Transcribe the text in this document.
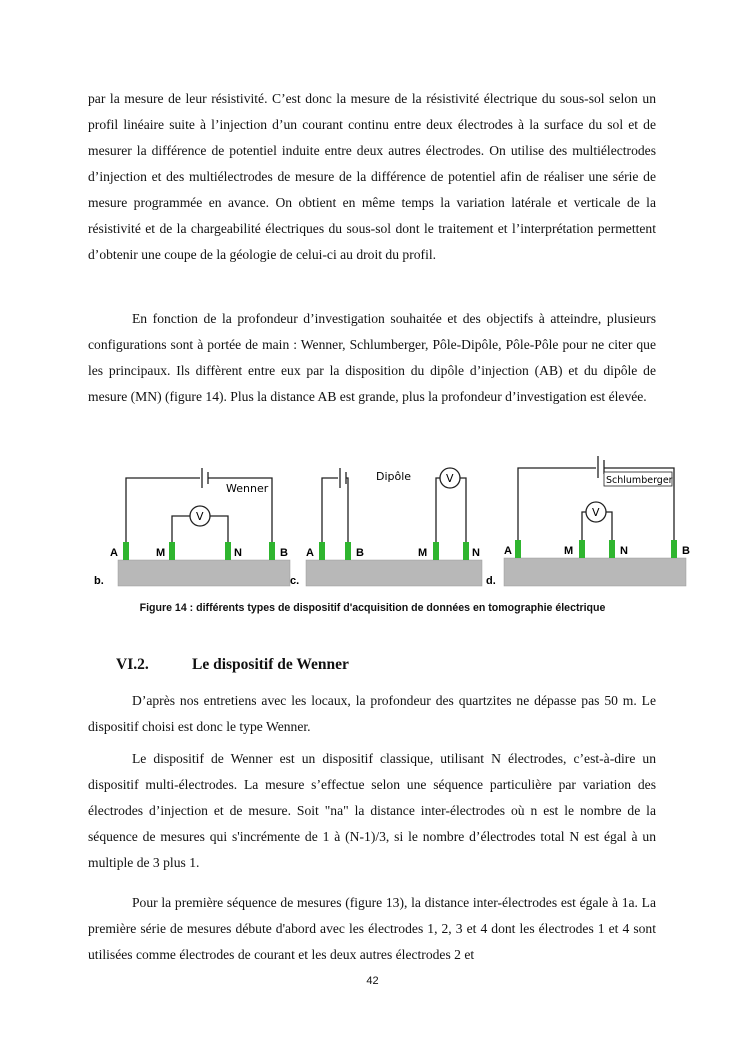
par la mesure de leur résistivité. C’est donc la mesure de la résistivité électrique du sous-sol selon un profil linéaire suite à l’injection d’un courant continu entre deux électrodes à la surface du sol et de mesurer la différence de potentiel induite entre deux autres électrodes. On utilise des multiélectrodes d’injection et des multiélectrodes de mesure de la différence de potentiel afin de réaliser une série de mesure programmée en avance. On obtient en même temps la variation latérale et verticale de la résistivité et de la chargeabilité électriques du sous-sol dont le traitement et l’interprétation permettent d’obtenir une coupe de la géologie de celui-ci au droit du profil.

En fonction de la profondeur d’investigation souhaitée et des objectifs à atteindre, plusieurs configurations sont à portée de main : Wenner, Schlumberger, Pôle-Dipôle, Pôle-Pôle pour ne citer que les principaux. Ils diffèrent entre eux par la disposition du dipôle d’injection (AB) et du dipôle de mesure (MN) (figure 14). Plus la distance AB est grande, plus la profondeur d’investigation est élevée.

Wenner
V
A	M	N	B
b.
Dipôle	V
A	B	M	N
c.
Schlumberger
V
A	M	N	B
d.

Figure 14 : différents types de dispositif d'acquisition de données en tomographie électrique

VI.2.	Le dispositif de Wenner

D’après nos entretiens avec les locaux, la profondeur des quartzites ne dépasse pas 50 m. Le dispositif choisi est donc le type Wenner.

Le dispositif de Wenner est un dispositif classique, utilisant N électrodes, c’est-à-dire un dispositif multi-électrodes. La mesure s’effectue selon une séquence particulière par variation des électrodes d’injection et de mesure. Soit "na" la distance inter-électrodes où n est le nombre de la séquence de mesures qui s'incrémente de 1 à (N-1)/3, si le nombre d’électrodes total N est égal à un multiple de 3 plus 1.

Pour la première séquence de mesures (figure 13), la distance inter-électrodes est égale à 1a. La première série de mesures débute d'abord avec les électrodes 1, 2, 3 et 4 dont les électrodes 1 et 4 sont utilisées comme électrodes de courant et les deux autres électrodes 2 et

42
